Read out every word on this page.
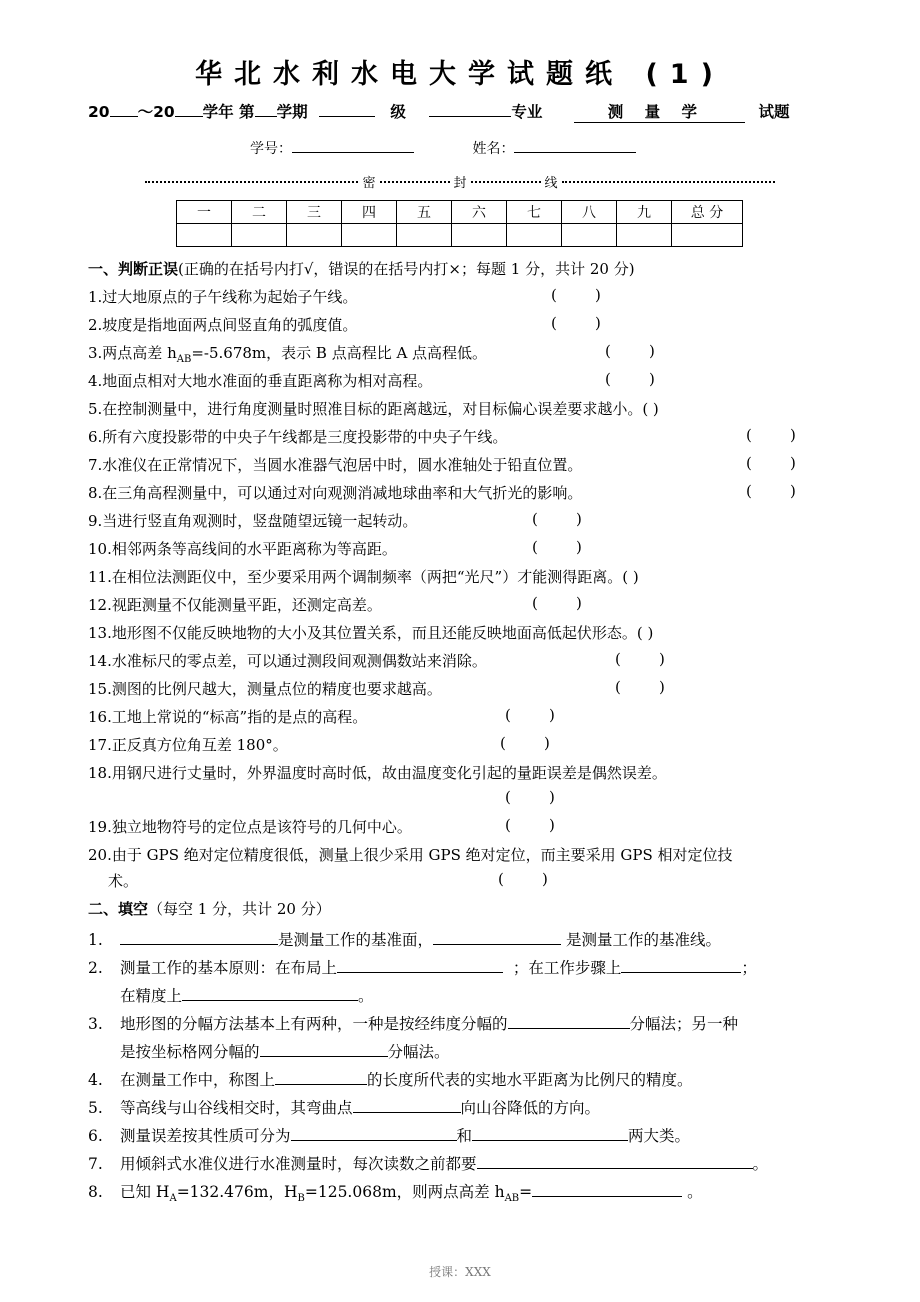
华北水利水电大学试题纸 (1)
20 ～20 学年 第 学期	级	专业	测 量 学	试题
学号：	姓名：
密	封	线
一	二	三	四	五	六	七	八	九	总 分

一、判断正误(正确的在括号内打√，错误的在括号内打×；每题 1 分，共计 20 分)
1.过大地原点的子午线称为起始子午线。	(        )
2.坡度是指地面两点间竖直角的弧度值。	(        )
3.两点高差 $h_{AB}=-5.678m$，表示 B 点高程比 A 点高程低。	(        )
4.地面点相对大地水准面的垂直距离称为相对高程。	(        )
5.在控制测量中，进行角度测量时照准目标的距离越远，对目标偏心误差要求越小。( )
6.所有六度投影带的中央子午线都是三度投影带的中央子午线。	(        )
7.水准仪在正常情况下，当圆水准器气泡居中时，圆水准轴处于铅直位置。	(        )
8.在三角高程测量中，可以通过对向观测消减地球曲率和大气折光的影响。	(        )
9.当进行竖直角观测时，竖盘随望远镜一起转动。	(        )
10.相邻两条等高线间的水平距离称为等高距。	(        )
11.在相位法测距仪中，至少要采用两个调制频率（两把“光尺”）才能测得距离。( )
12.视距测量不仅能测量平距，还测定高差。	(        )
13.地形图不仅能反映地物的大小及其位置关系，而且还能反映地面高低起伏形态。( )
14.水准标尺的零点差，可以通过测段间观测偶数站来消除。	(        )
15.测图的比例尺越大，测量点位的精度也要求越高。	(        )
16.工地上常说的“标高”指的是点的高程。	(        )
17.正反真方位角互差 180°。	(        )
18.用钢尺进行丈量时，外界温度时高时低，故由温度变化引起的量距误差是偶然误差。
(        )
19.独立地物符号的定位点是该符号的几何中心。	(        )
20.由于 GPS 绝对定位精度很低，测量上很少采用 GPS 绝对定位，而主要采用 GPS 相对定位技
术。	(        )
二、填空（每空 1 分，共计 20 分）
1.	是测量工作的基准面，	是测量工作的基准线。
2. 测量工作的基本原则：在布局上	；在工作步骤上	；
在精度上	。
3. 地形图的分幅方法基本上有两种，一种是按经纬度分幅的	分幅法；另一种
是按坐标格网分幅的	分幅法。
4. 在测量工作中，称图上	的长度所代表的实地水平距离为比例尺的精度。
5. 等高线与山谷线相交时，其弯曲点	向山谷降低的方向。
6. 测量误差按其性质可分为	和	两大类。
7. 用倾斜式水准仪进行水准测量时，每次读数之前都要	。
8. 已知 $H_A=132.476m$，$H_B=125.068m$，则两点高差 $h_{AB}=$	。
授课：XXX
